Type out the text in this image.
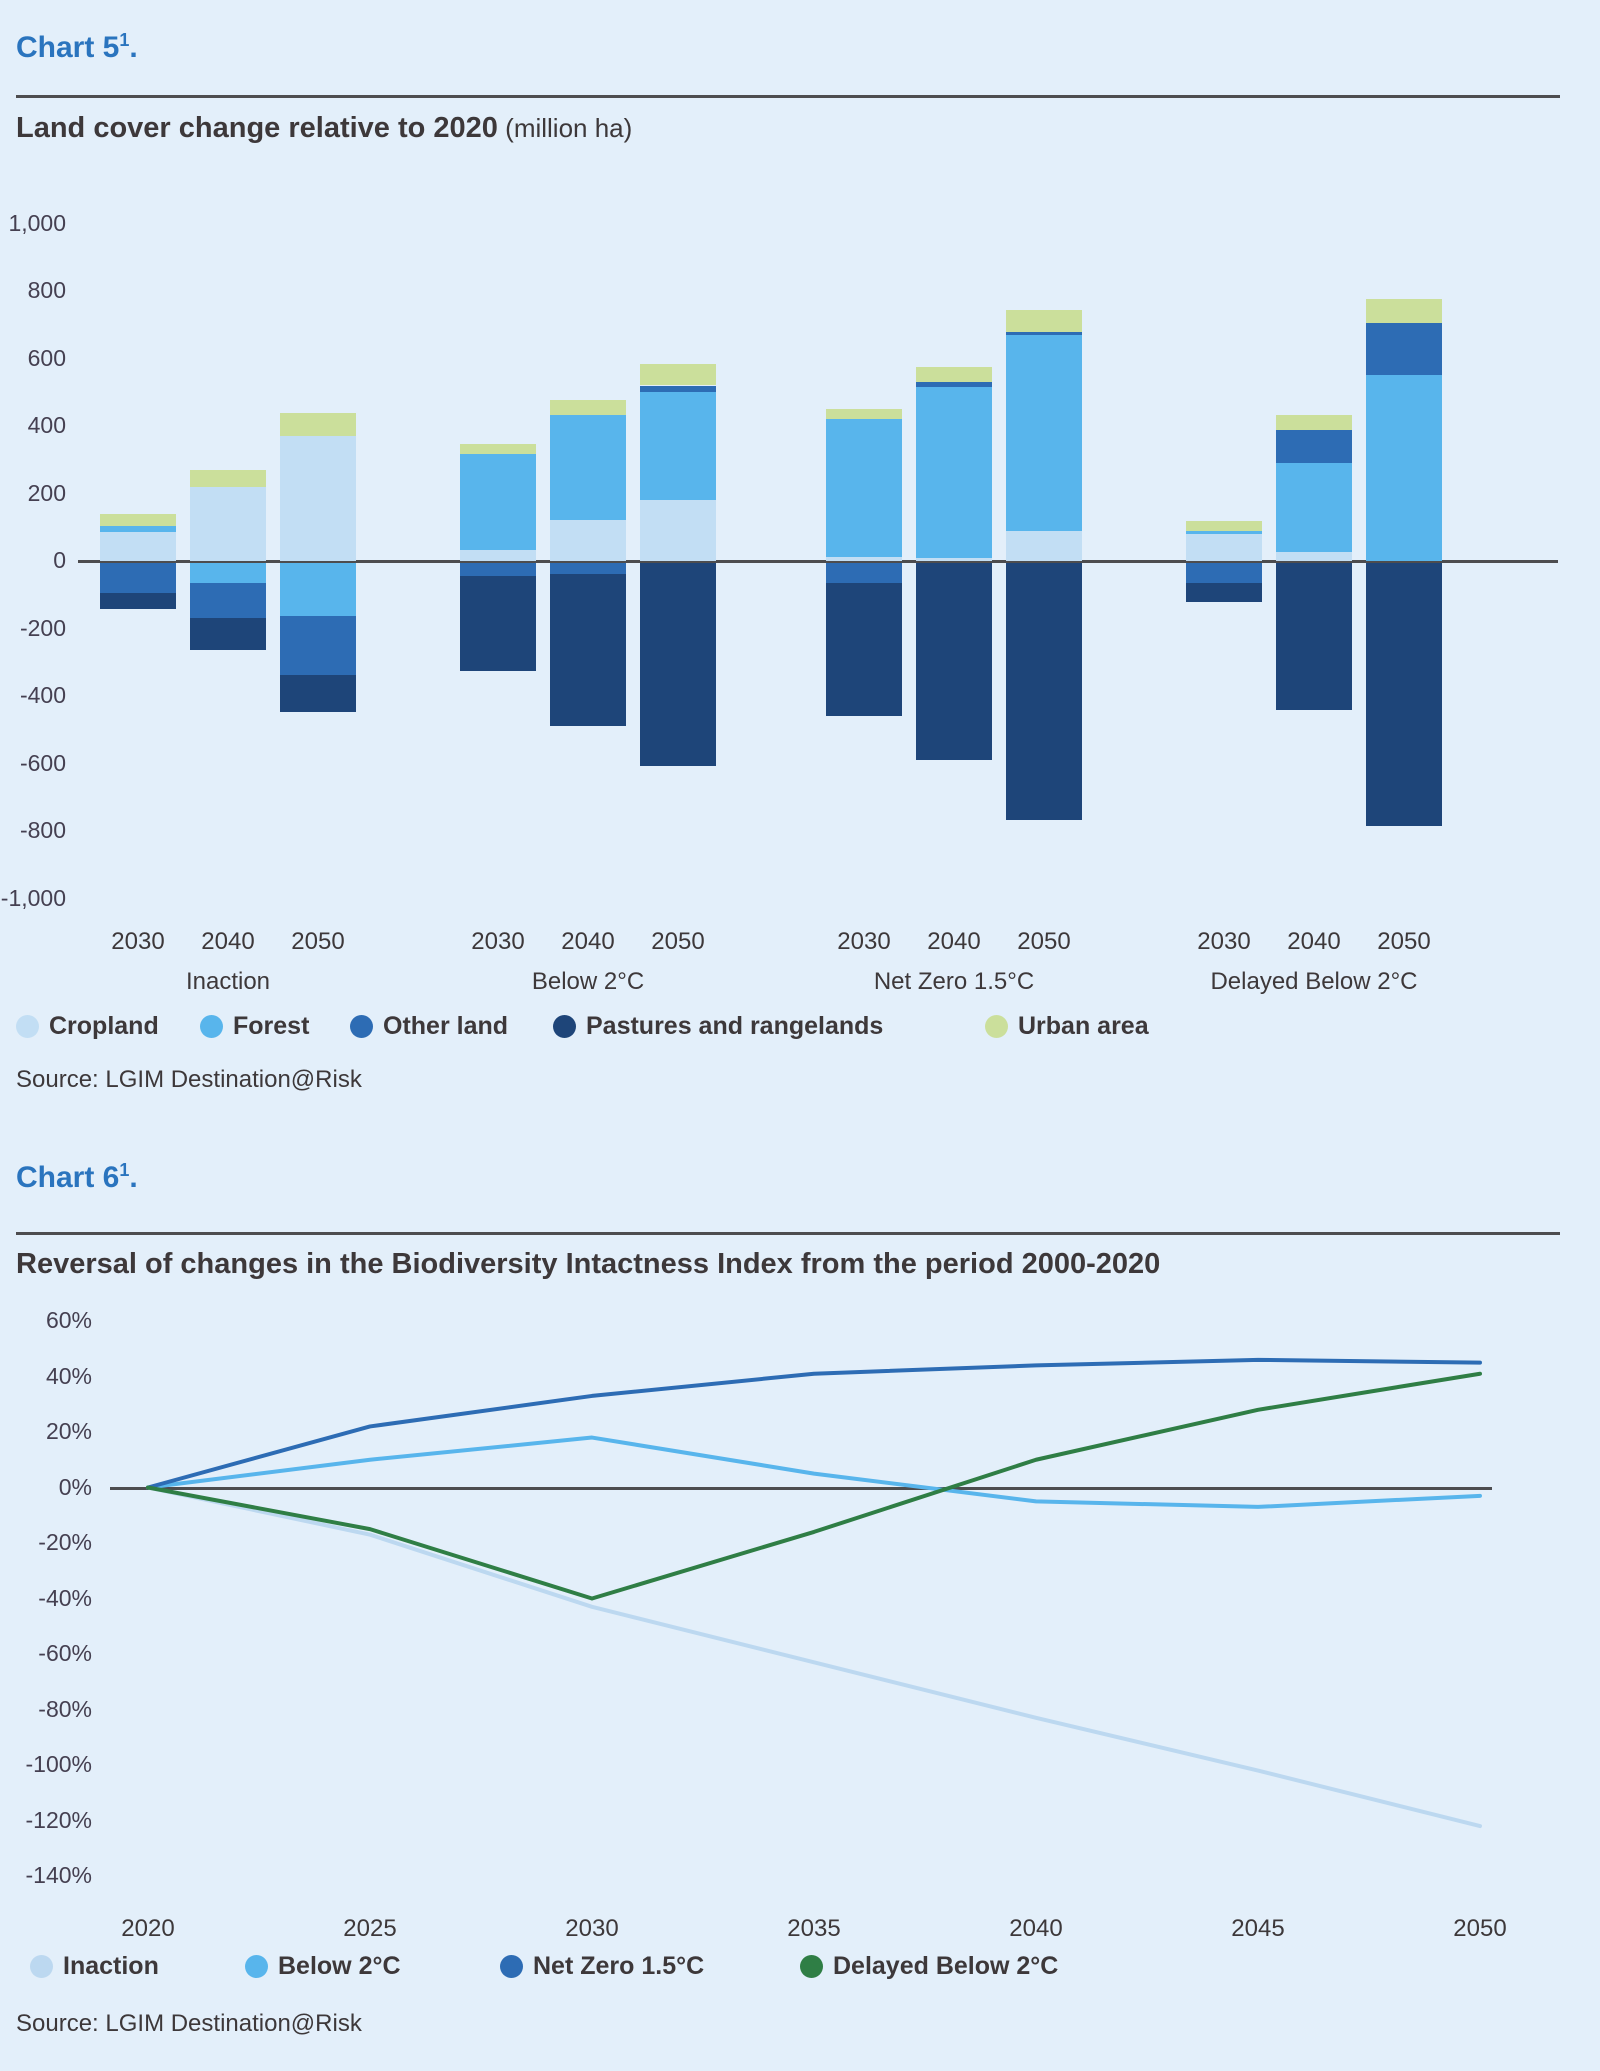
Chart $5^1$.
Land cover change relative to 2020 (million ha)
1,000
800
600
400
200
0
-200
-400
-600
-800
-1,000
2030	2040	2050
Inaction
2030	2040	2050
Below 2°C
2030	2040	2050
Net Zero 1.5°C
2030	2040	2050
Delayed Below 2°C
Cropland	Forest	Other land	Pastures and rangelands	Urban area
Source: LGIM Destination@Risk
Chart $6^1$.
Reversal of changes in the Biodiversity Intactness Index from the period 2000-2020
60%
40%
20%
0%
-20%
-40%
-60%
-80%
-100%
-120%
-140%
2020	2025	2030	2035	2040	2045	2050
Inaction	Below 2°C	Net Zero 1.5°C	Delayed Below 2°C
Source: LGIM Destination@Risk
